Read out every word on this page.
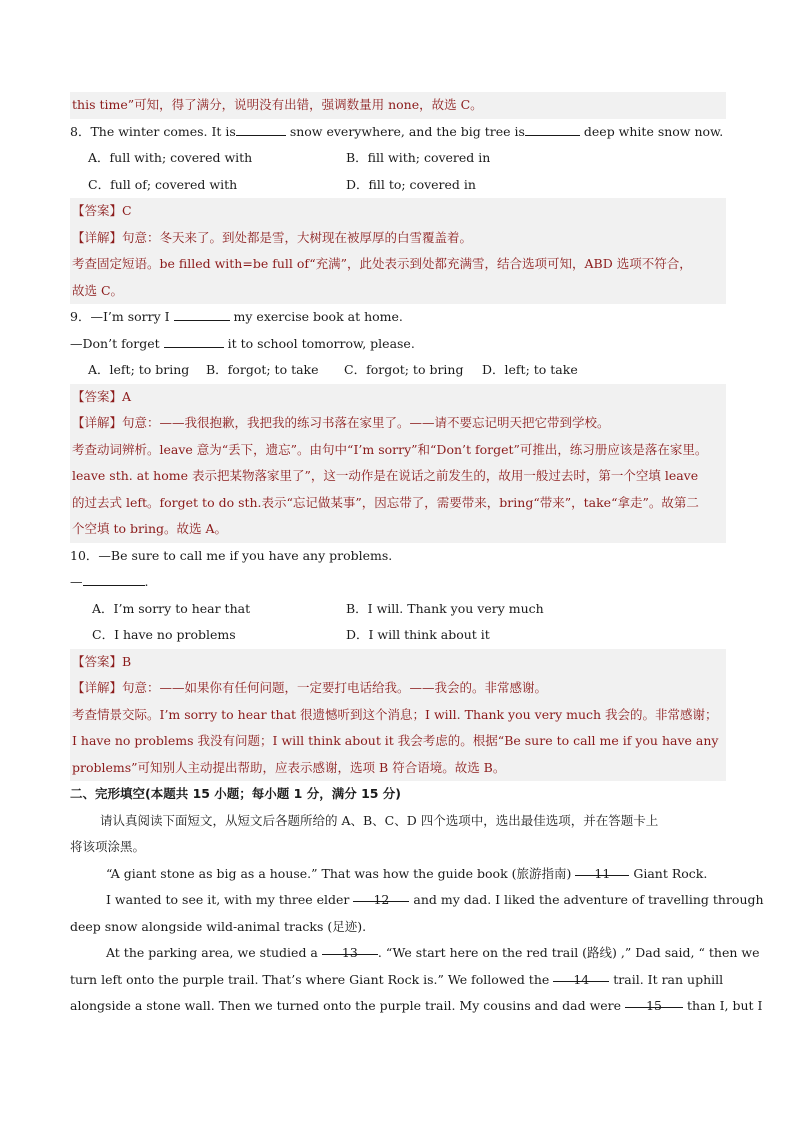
this time”可知，得了满分，说明没有出错，强调数量用 none，故选 C。
8．The winter comes. It is	snow everywhere, and the big tree is	deep white snow now.
A．full with; covered with	B．fill with; covered in
C．full of; covered with	D．fill to; covered in
【答案】C
【详解】句意：冬天来了。到处都是雪，大树现在被厚厚的白雪覆盖着。
考查固定短语。be filled with=be full of“充满”，此处表示到处都充满雪，结合选项可知，ABD 选项不符合，
故选 C。
9．—I’m sorry I	my exercise book at home.
—Don’t forget	it to school tomorrow, please.
A．left; to bring	B．forgot; to take	C．forgot; to bring	D．left; to take
【答案】A
【详解】句意：——我很抱歉，我把我的练习书落在家里了。——请不要忘记明天把它带到学校。
考查动词辨析。leave 意为“丢下，遗忘”。由句中“I’m sorry”和“Don’t forget”可推出，练习册应该是落在家里。
leave sth. at home 表示把某物落家里了”，这一动作是在说话之前发生的，故用一般过去时，第一个空填 leave
的过去式 left。forget to do sth.表示“忘记做某事”，因忘带了，需要带来，bring“带来”，take“拿走”。故第二
个空填 to bring。故选 A。
10．—Be sure to call me if you have any problems.
—	.
A．I’m sorry to hear that	B．I will. Thank you very much
C．I have no problems	D．I will think about it
【答案】B
【详解】句意：——如果你有任何问题，一定要打电话给我。——我会的。非常感谢。
考查情景交际。I’m sorry to hear that 很遗憾听到这个消息；I will. Thank you very much 我会的。非常感谢；
I have no problems 我没有问题；I will think about it 我会考虑的。根据“Be sure to call me if you have any
problems”可知别人主动提出帮助，应表示感谢，选项 B 符合语境。故选 B。
二、完形填空(本题共 15 小题；每小题 1 分，满分 15 分)
请认真阅读下面短文，从短文后各题所给的 A、B、C、D 四个选项中，选出最佳选项，并在答题卡上
将该项涂黑。
“A giant stone as big as a house.” That was how the guide book (旅游指南) 11 Giant Rock.
I wanted to see it, with my three elder 12 and my dad. I liked the adventure of travelling through
deep snow alongside wild-animal tracks (足迹).
At the parking area, we studied a 13 . “We start here on the red trail (路线) ,” Dad said, “ then we
turn left onto the purple trail. That’s where Giant Rock is.” We followed the 14 trail. It ran uphill
alongside a stone wall. Then we turned onto the purple trail. My cousins and dad were 15 than I, but I
